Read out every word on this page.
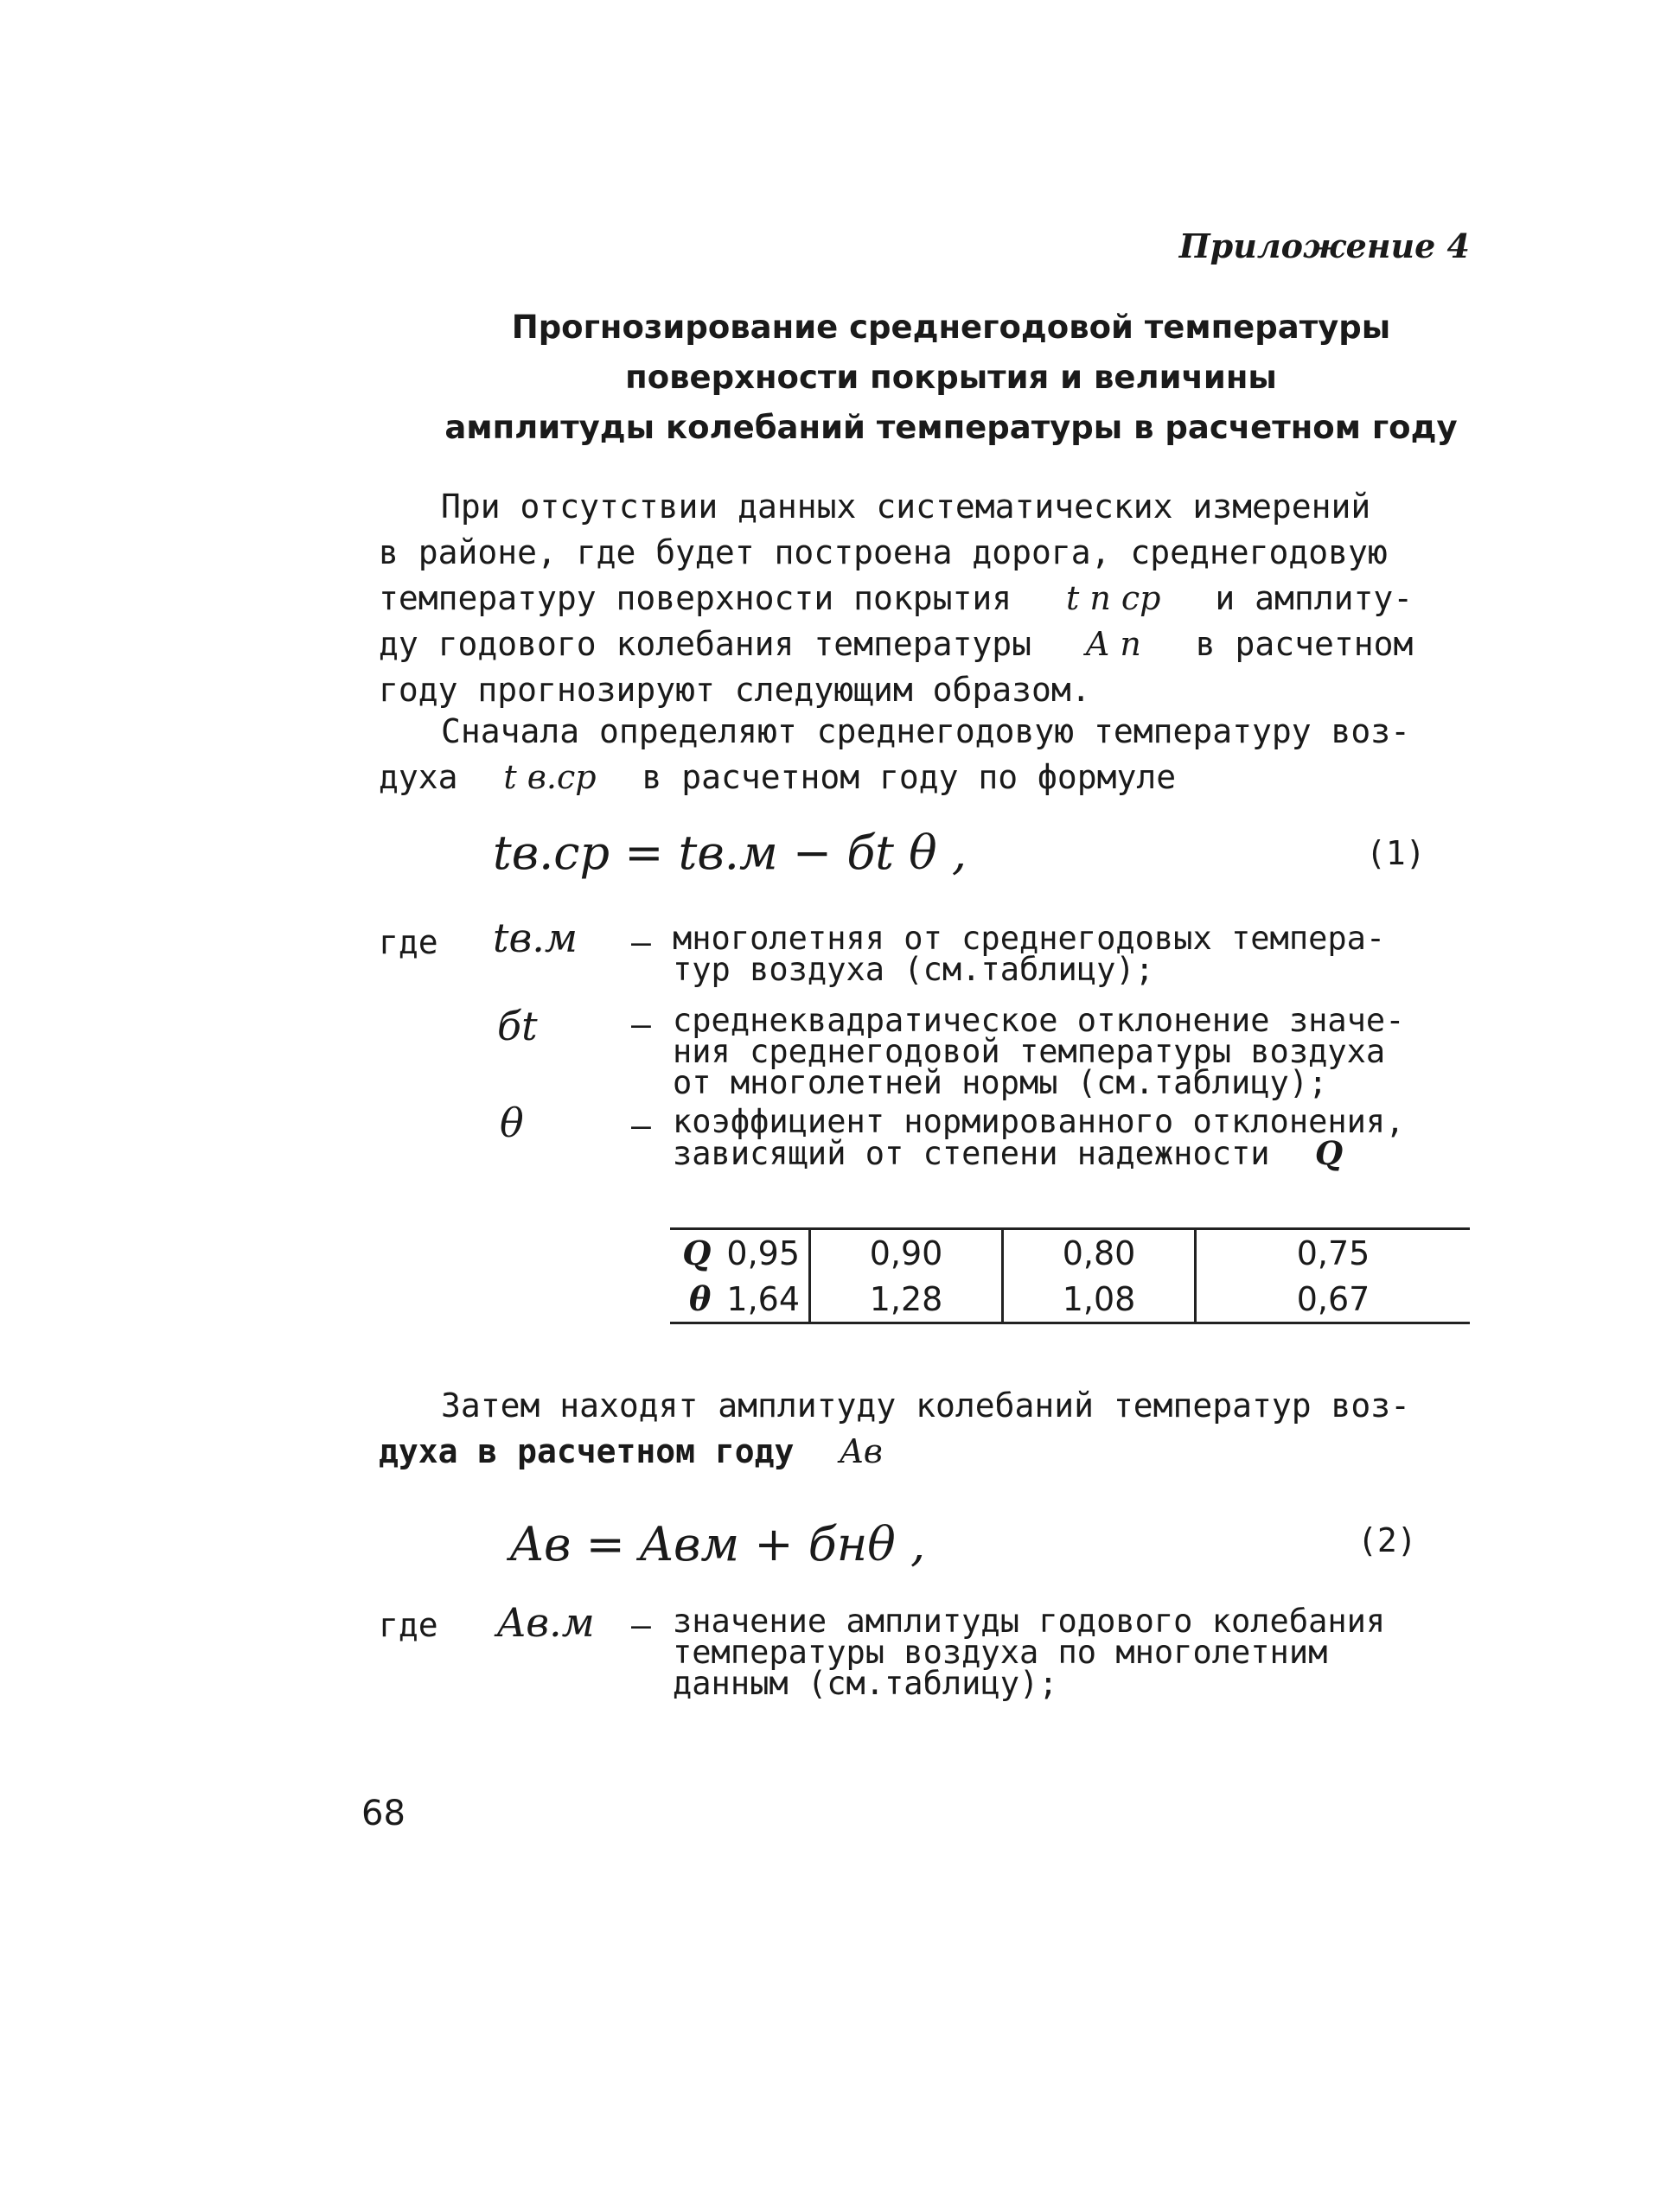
Приложение 4
Прогнозирование среднегодовой температуры
поверхности покрытия и величины
амплитуды колебаний температуры в расчетном году
При отсутствии данных систематических измерений
в районе, где будет построена дорога, среднегодовую
температуру поверхности покрытия t п ср и амплиту-
ду годового колебания температуры A п в расчетном
году прогнозируют следующим образом.
Сначала определяют среднегодовую температуру воз-
духа t в.ср в расчетном году по формуле
tв.ср = tв.м − бt θ ,	(1)
где tв.м – многолетняя от среднегодовых темпера-
тур воздуха (см.таблицу);
бt	– среднеквадратическое отклонение значе-
ния среднегодовой температуры воздуха
от многолетней нормы (см.таблицу);
θ	– коэффициент нормированного отклонения,
зависящий от степени надежности Q
Q 0,95	0,90	0,80	0,75
θ 1,64	1,28	1,08	0,67
Затем находят амплитуду колебаний температур воз-
духа в расчетном году Aв
Aв = Aвм + бнθ ,	(2)
где Aв.м – значение амплитуды годового колебания
температуры воздуха по многолетним
данным (см.таблицу);
68
